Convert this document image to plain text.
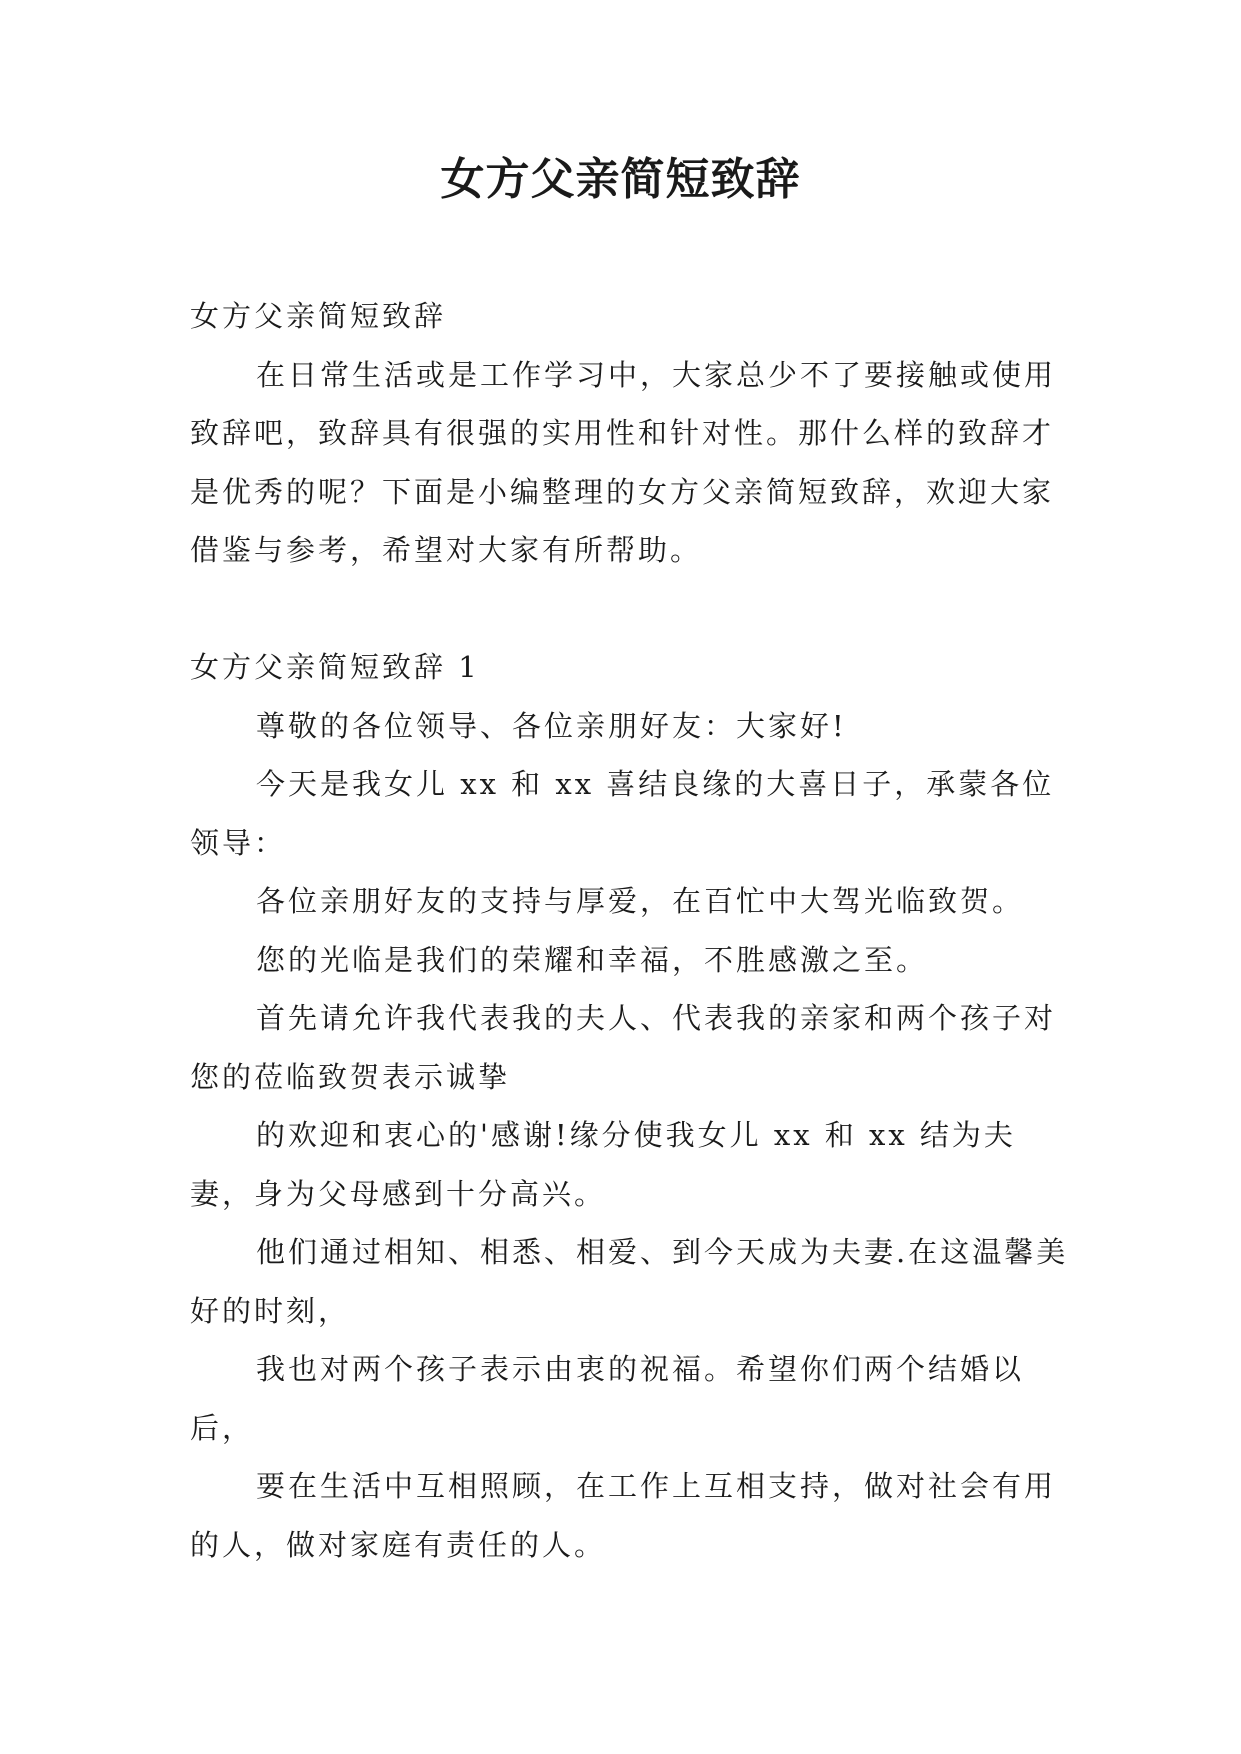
女方父亲简短致辞

女方父亲简短致辞

在日常生活或是工作学习中，大家总少不了要接触或使用致辞吧，致辞具有很强的实用性和针对性。那什么样的致辞才是优秀的呢？下面是小编整理的女方父亲简短致辞，欢迎大家借鉴与参考，希望对大家有所帮助。

女方父亲简短致辞 1

尊敬的各位领导、各位亲朋好友：大家好!

今天是我女儿 xx 和 xx 喜结良缘的大喜日子，承蒙各位领导：

各位亲朋好友的支持与厚爱，在百忙中大驾光临致贺。

您的光临是我们的荣耀和幸福，不胜感激之至。

首先请允许我代表我的夫人、代表我的亲家和两个孩子对您的莅临致贺表示诚挚

的欢迎和衷心的'感谢!缘分使我女儿 xx 和 xx 结为夫妻，身为父母感到十分高兴。

他们通过相知、相悉、相爱、到今天成为夫妻.在这温馨美好的时刻，

我也对两个孩子表示由衷的祝福。希望你们两个结婚以后，

要在生活中互相照顾，在工作上互相支持，做对社会有用的人，做对家庭有责任的人。
